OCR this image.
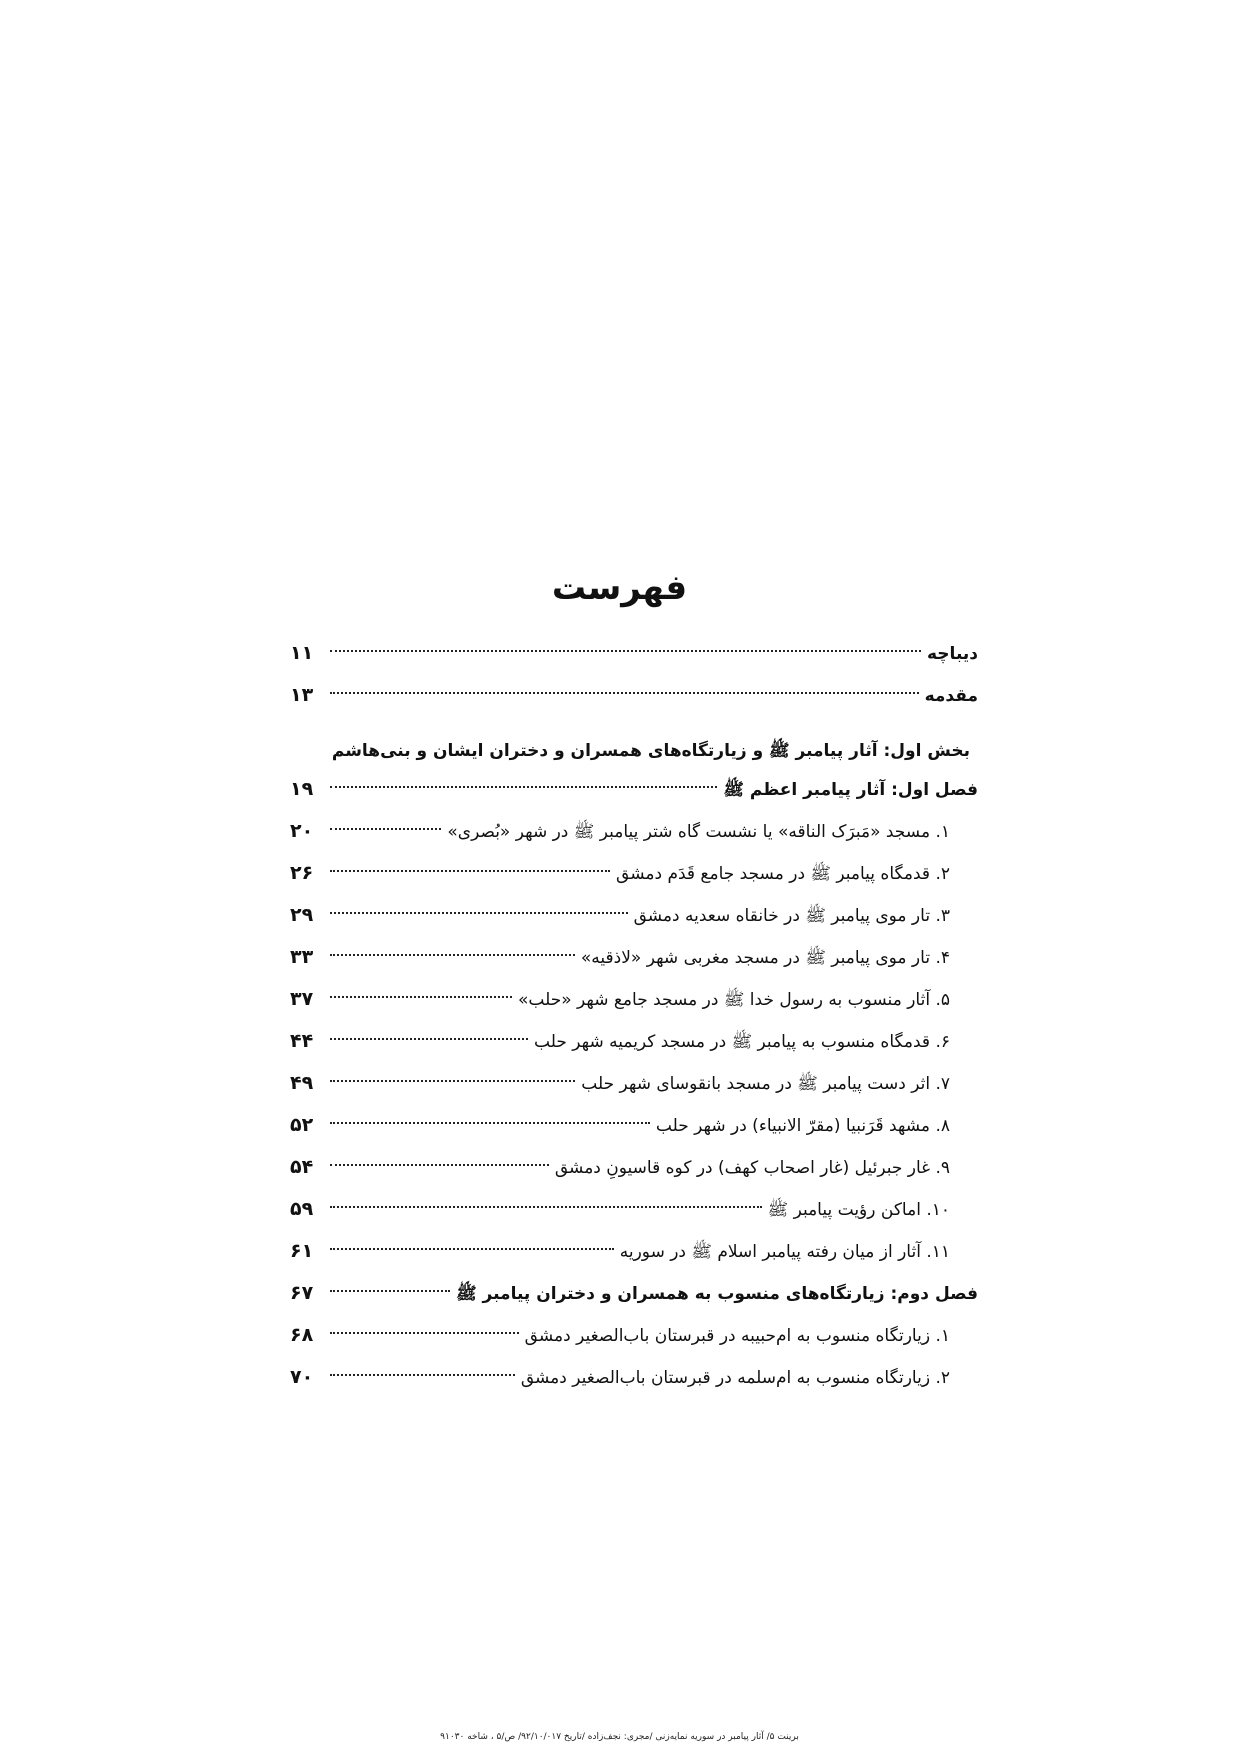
فهرست
دیباچه
۱۱
مقدمه
۱۳
بخش اول: آثار پیامبر ﷺ و زیارتگاه‌های همسران و دختران ایشان و بنی‌هاشم
فصل اول: آثار پیامبر اعظم ﷺ
۱۹
۱. مسجد «مَبرَک الناقه» یا نشست گاه شتر پیامبر ﷺ در شهر «بُصری»
۲۰
۲. قدمگاه پیامبر ﷺ در مسجد جامع قَدَم دمشق
۲۶
۳. تار موی پیامبر ﷺ در خانقاه سعدیه دمشق
۲۹
۴. تار موی پیامبر ﷺ در مسجد مغربی شهر «لاذقیه»
۳۳
۵. آثار منسوب به رسول خدا ﷺ در مسجد جامع شهر «حلب»
۳۷
۶. قدمگاه منسوب به پیامبر ﷺ در مسجد کریمیه شهر حلب
۴۴
۷. اثر دست پیامبر ﷺ در مسجد بانقوسای شهر حلب
۴۹
۸. مشهد قَرَنبیا (مقرّ الانبیاء) در شهر حلب
۵۲
۹. غار جبرئیل (غار اصحاب کهف) در کوه قاسیونِ دمشق
۵۴
۱۰. اماکن رؤیت پیامبر ﷺ
۵۹
۱۱. آثار از میان رفته پیامبر اسلام ﷺ در سوریه
۶۱
فصل دوم: زیارتگاه‌های منسوب به همسران و دختران پیامبر ﷺ
۶۷
۱. زیارتگاه منسوب به ام‌حبیبه در قبرستان باب‌الصغیر دمشق
۶۸
۲. زیارتگاه منسوب به ام‌سلمه در قبرستان باب‌الصغیر دمشق
۷۰
برینت ۵/ آثار پیامبر در سوریه نمایه‌زنی /مجری: نجف‌زاده /تاریخ ۹۲/۱۰/۰۱۷/ ص/۵ ، شاخه ۹۱۰۳۰
